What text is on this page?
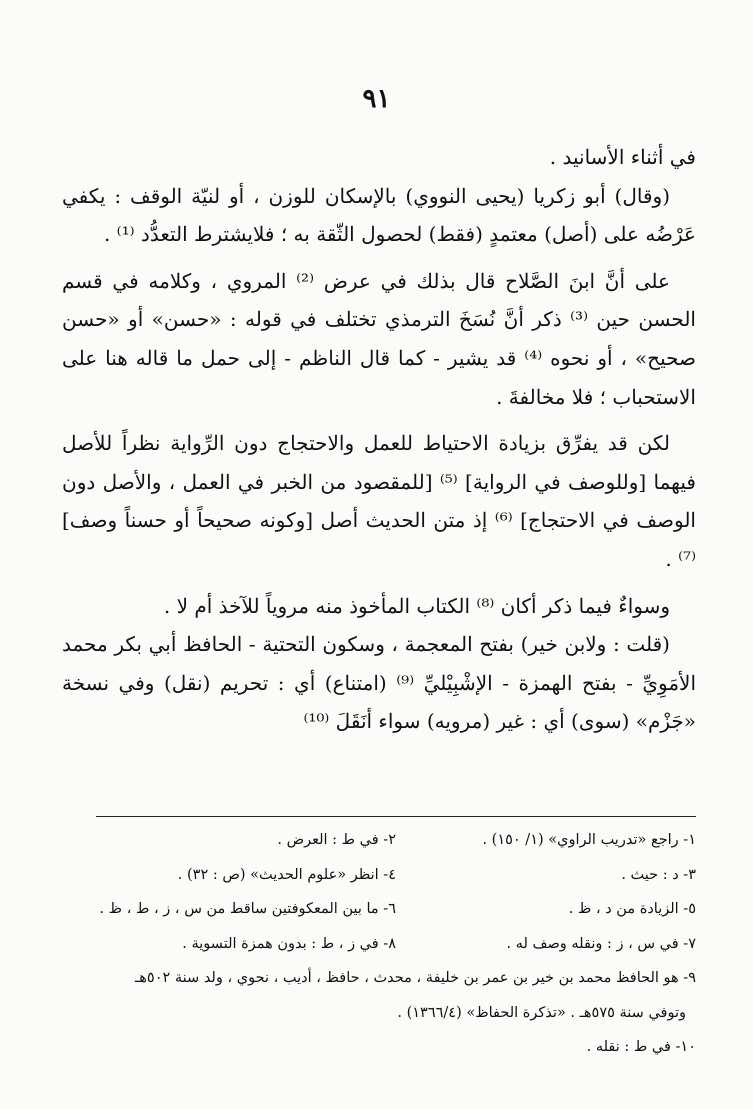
٩١

في أثناء الأسانيد .

(وقال) أبو زكريا (يحيى النووي) بالإسكان للوزن ، أو لنيّة الوقف : يكفي عَرْضُه على (أصل) معتمدٍ (فقط) لحصول الثّقة به ؛ فلايشترط التعدُّد ⁽¹⁾ .

على أنَّ ابنَ الصَّلاح قال بذلك في عرض ⁽²⁾ المروي ، وكلامه في قسم الحسن حين ⁽³⁾ ذكر أنَّ نُسَخَ الترمذي تختلف في قوله : «حسن» أو «حسن صحيح» ، أو نحوه ⁽⁴⁾ قد يشير - كما قال الناظم - إلى حمل ما قاله هنا على الاستحباب ؛ فلا مخالفةَ .

لكن قد يفرِّق بزيادة الاحتياط للعمل والاحتجاج دون الرِّواية نظراً للأصل فيهما [وللوصف في الرواية] ⁽⁵⁾ [للمقصود من الخبر في العمل ، والأصل دون الوصف في الاحتجاج] ⁽⁶⁾ إذ متن الحديث أصل [وكونه صحيحاً أو حسناً وصف] ⁽⁷⁾ .

وسواءٌ فيما ذكر أكان ⁽⁸⁾ الكتاب المأخوذ منه مروياً للآخذ أم لا .

(قلت : ولابن خير) بفتح المعجمة ، وسكون التحتية - الحافظ أبي بكر محمد الأمَوِيِّ - بفتح الهمزة - الإشْبِيْليِّ ⁽⁹⁾ (امتناع) أي : تحريم (نقل) وفي نسخة «جَزْم» (سوى) أي : غير (مرويه) سواء أنَقَلَ ⁽¹⁰⁾

١- راجع «تدريب الراوي» (١/ ١٥٠) .
٢- في ط : العرض .
٣- د : حيث .
٤- انظر «علوم الحديث» (ص : ٣٢) .
٥- الزيادة من د ، ظ .
٦- ما بين المعكوفتين ساقط من س ، ز ، ط ، ظ .
٧- في س ، ز : ونقله وصف له .
٨- في ز ، ط : بدون همزة التسوية .
٩- هو الحافظ محمد بن خير بن عمر بن خليفة ، محدث ، حافظ ، أديب ، نحوي ، ولد سنة ٥٠٢هـ
وتوفي سنة ٥٧٥هـ . «تذكرة الحفاظ» (١٣٦٦/٤) .
١٠- في ط : نقله .
